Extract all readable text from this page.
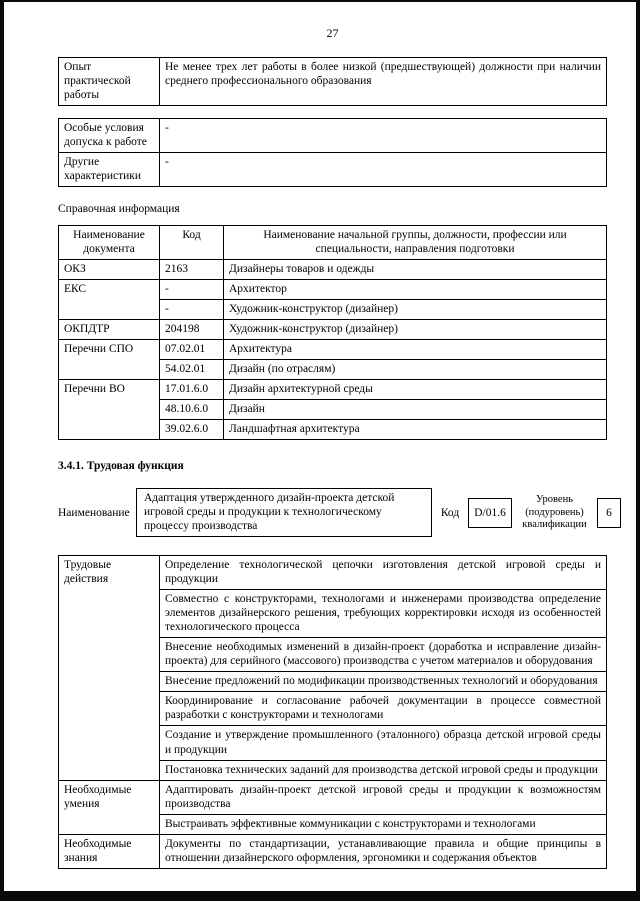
27
Опыт практической работы	Не менее трех лет работы в более низкой (предшествующей) должности при наличии среднего профессионального образования
Особые условия допуска к работе	-
Другие характеристики	-
Справочная информация
Наименование документа	Код	Наименование начальной группы, должности, профессии или специальности, направления подготовки
ОКЗ	2163	Дизайнеры товаров и одежды
ЕКС	-	Архитектор
	-	Художник-конструктор (дизайнер)
ОКПДТР	204198	Художник-конструктор (дизайнер)
Перечни СПО	07.02.01	Архитектура
	54.02.01	Дизайн (по отраслям)
Перечни ВО	17.01.6.0	Дизайн архитектурной среды
	48.10.6.0	Дизайн
	39.02.6.0	Ландшафтная архитектура
3.4.1. Трудовая функция
Наименование
Адаптация утвержденного дизайн-проекта детской игровой среды и продукции к технологическому процессу производства
Код	D/01.6
Уровень (подуровень) квалификации
6
Трудовые действия	Определение технологической цепочки изготовления детской игровой среды и продукции
	Совместно с конструкторами, технологами и инженерами производства определение элементов дизайнерского решения, требующих корректировки исходя из особенностей технологического процесса
	Внесение необходимых изменений в дизайн-проект (доработка и исправление дизайн-проекта) для серийного (массового) производства с учетом материалов и оборудования
	Внесение предложений по модификации производственных технологий и оборудования
	Координирование и согласование рабочей документации в процессе совместной разработки с конструкторами и технологами
	Создание и утверждение промышленного (эталонного) образца детской игровой среды и продукции
	Постановка технических заданий для производства детской игровой среды и продукции
Необходимые умения	Адаптировать дизайн-проект детской игровой среды и продукции к возможностям производства
	Выстраивать эффективные коммуникации с конструкторами и технологами
Необходимые знания	Документы по стандартизации, устанавливающие правила и общие принципы в отношении дизайнерского оформления, эргономики и содержания объектов
